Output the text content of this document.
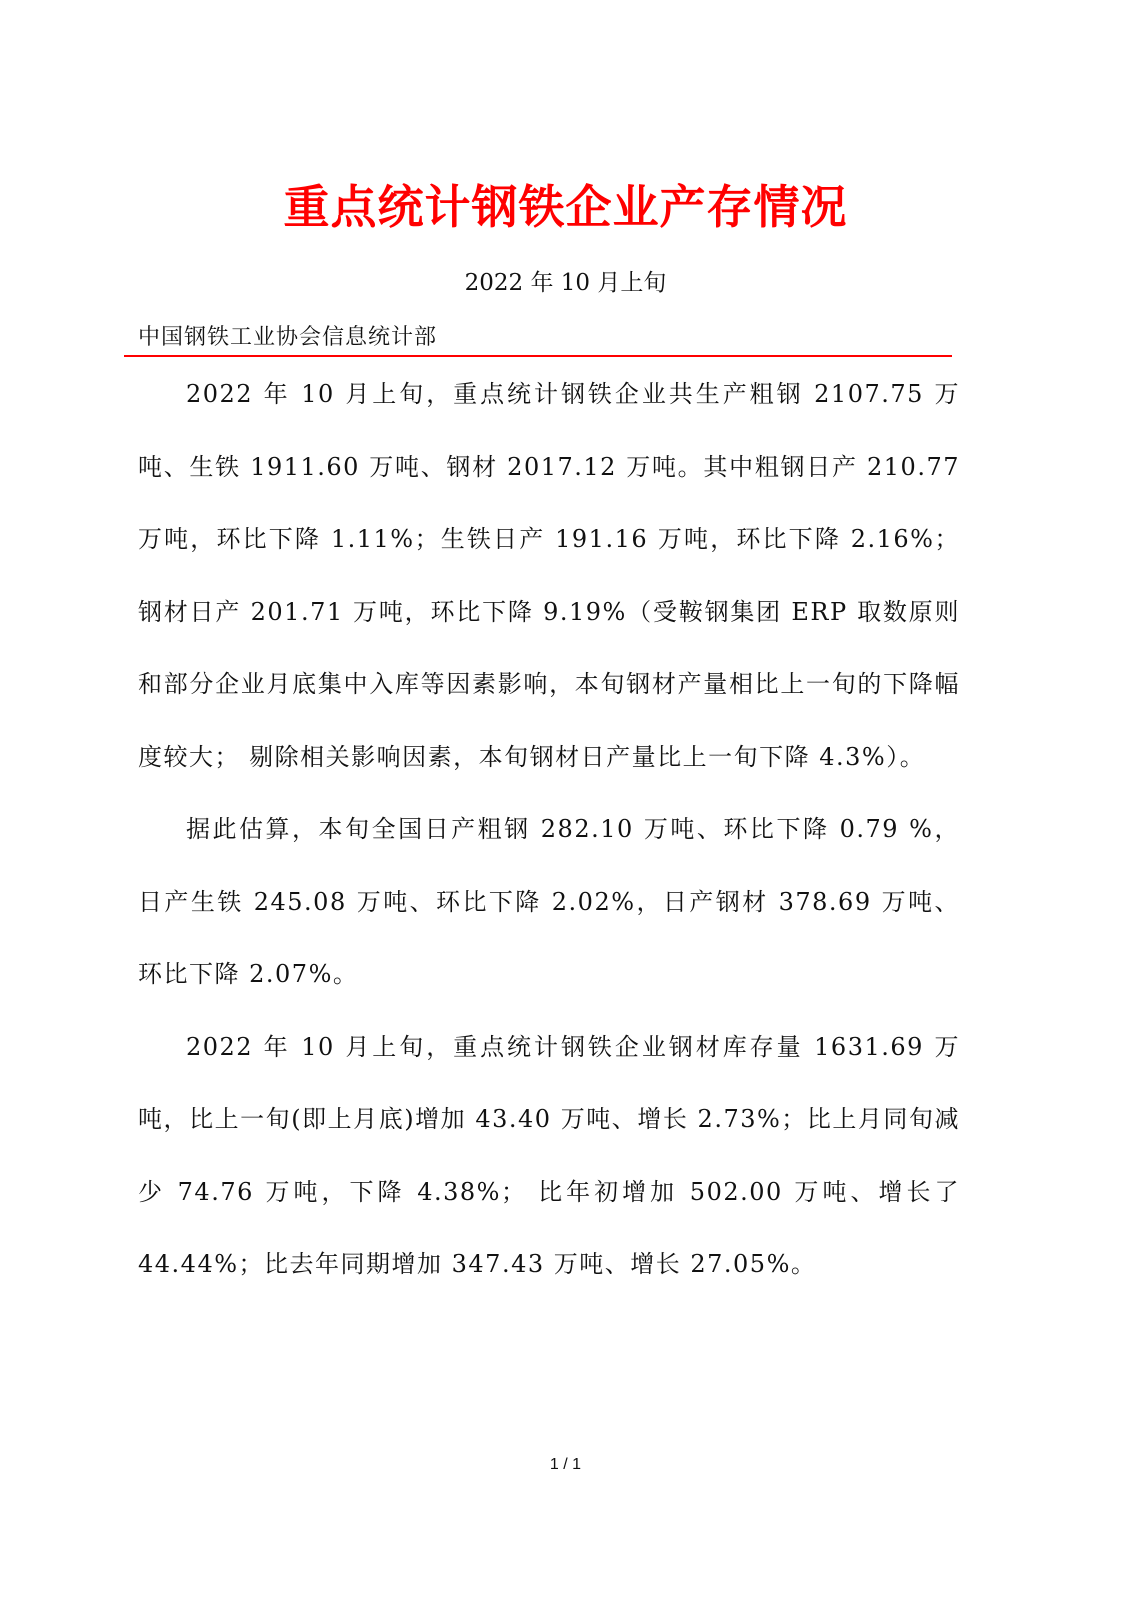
重点统计钢铁企业产存情况
2022 年 10 月上旬
中国钢铁工业协会信息统计部

2022 年 10 月上旬，重点统计钢铁企业共生产粗钢 2107.75 万吨、生铁 1911.60 万吨、钢材 2017.12 万吨。其中粗钢日产 210.77 万吨，环比下降 1.11%；生铁日产 191.16 万吨，环比下降 2.16%；钢材日产 201.71 万吨，环比下降 9.19%（受鞍钢集团 ERP 取数原则和部分企业月底集中入库等因素影响，本旬钢材产量相比上一旬的下降幅度较大； 剔除相关影响因素，本旬钢材日产量比上一旬下降 4.3%）。

据此估算，本旬全国日产粗钢 282.10 万吨、环比下降 0.79 %，日产生铁 245.08 万吨、环比下降 2.02%，日产钢材 378.69 万吨、环比下降 2.07%。

2022 年 10 月上旬，重点统计钢铁企业钢材库存量 1631.69 万吨，比上一旬(即上月底)增加 43.40 万吨、增长 2.73%；比上月同旬减少 74.76 万吨，下降 4.38%； 比年初增加 502.00 万吨、增长了 44.44%；比去年同期增加 347.43 万吨、增长 27.05%。

1 / 1
